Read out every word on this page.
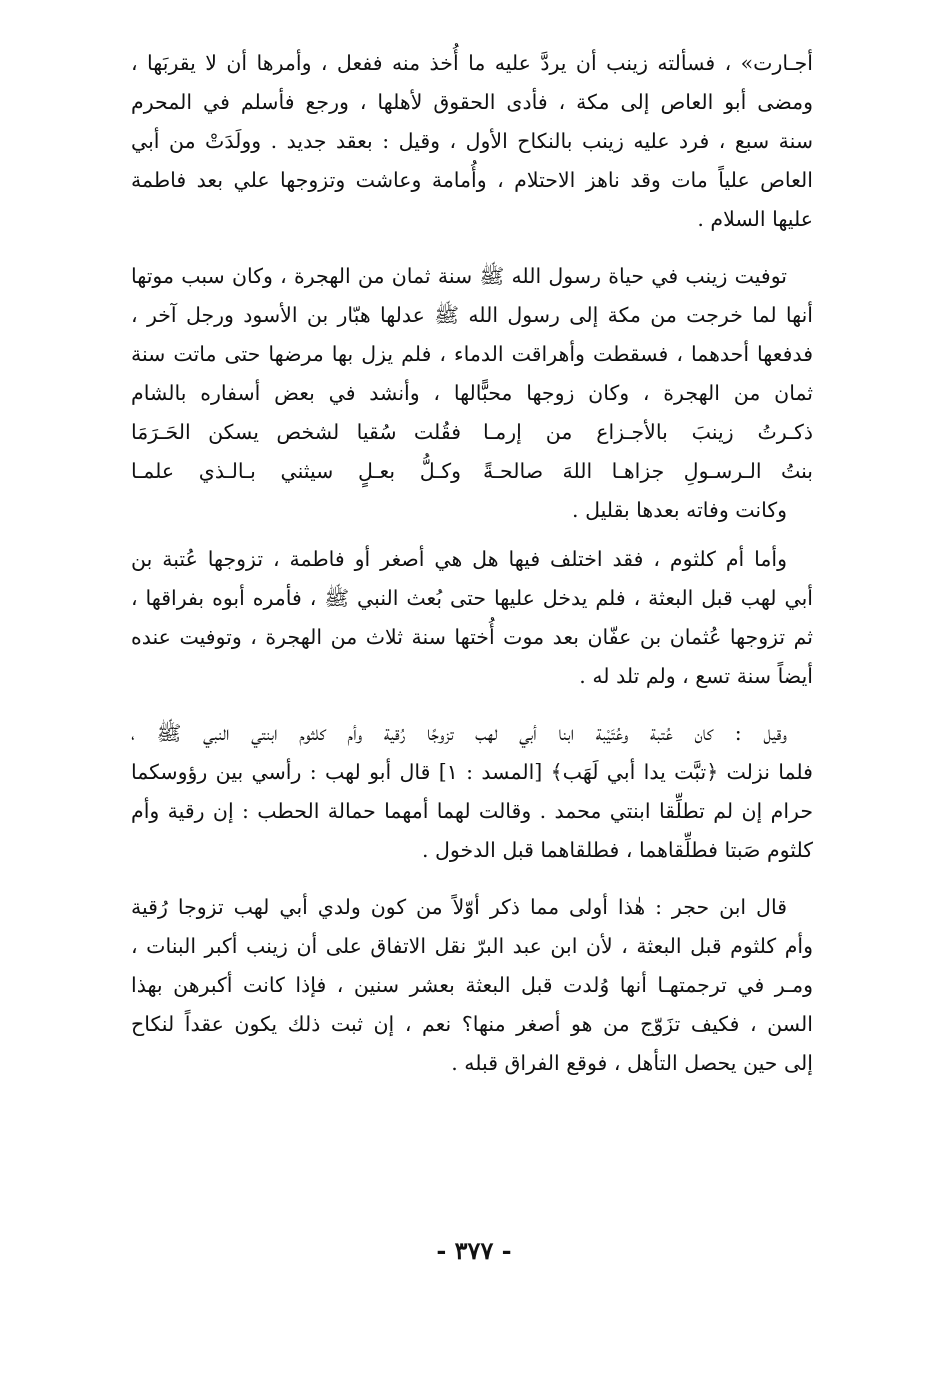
أجـارت» ، فسألته زينب أن يردَّ عليه ما أُخذ منه ففعل ، وأمرها أن لا يقربَها ،
ومضى أبو العاص إلى مكة ، فأدى الحقوق لأهلها ، ورجع فأسلم في المحرم
سنة سبع ، فرد عليه زينب بالنكاح الأول ، وقيل : بعقد جديد . وولَدَتْ من أبي
العاص علياً مات وقد ناهز الاحتلام ، وأُمامة وعاشت وتزوجها علي بعد فاطمة
عليها السلام .

توفيت زينب في حياة رسول الله ﷺ سنة ثمان من الهجرة ، وكان سبب موتها
أنها لما خرجت من مكة إلى رسول الله ﷺ عدلها هبّار بن الأسود ورجل آخر ،
فدفعها أحدهما ، فسقطت وأهراقت الدماء ، فلم يزل بها مرضها حتى ماتت سنة
ثمان من الهجرة ، وكان زوجها محبًّالها ، وأنشد في بعض أسفاره بالشام

ذكـرتُ زينبَ بالأجـزاع من إرمـا
فقُلت سُقيا لشخص يسكن الحَـرَمَا
بنتُ الـرسـولِ جزاهـا اللهَ صالحـةً
وكـلُّ بعـلٍ سيثني بـالـذي علمـا

وكانت وفاته بعدها بقليل .

وأما أم كلثوم ، فقد اختلف فيها هل هي أصغر أو فاطمة ، تزوجها عُتبة بن
أبي لهب قبل البعثة ، فلم يدخل عليها حتى بُعث النبي ﷺ ، فأمره أبوه بفراقها ،
ثم تزوجها عُثمان بن عفّان بعد موت أُختها سنة ثلاث من الهجرة ، وتوفيت عنده
أيضاً سنة تسع ، ولم تلد له .

وقيل : كان عُتبة وعُتَيْبة ابنا أبي لهب تزوجًا رُقية وأم كلثوم ابنتي النبي ﷺ ،
فلما نزلت ﴿تبَّت يدا أبي لَهَب﴾ [المسد : ١] قال أبو لهب : رأسي بين رؤوسكما
حرام إن لم تطلِّقا ابنتي محمد . وقالت لهما أمهما حمالة الحطب : إن رقية وأم
كلثوم صَبتا فطلِّقاهما ، فطلقاهما قبل الدخول .

قال ابن حجر : هٰذا أولى مما ذكر أوّلاً من كون ولدي أبي لهب تزوجا رُقية
وأم كلثوم قبل البعثة ، لأن ابن عبد البرّ نقل الاتفاق على أن زينب أكبر البنات ،
ومـر في ترجمتهـا أنها وُلدت قبل البعثة بعشر سنين ، فإذا كانت أكبرهن بهذا
السن ، فكيف تزَوّج من هو أصغر منها؟ نعم ، إن ثبت ذلك يكون عقداً لنكاح
إلى حين يحصل التأهل ، فوقع الفراق قبله .

- ٣٧٧ -
